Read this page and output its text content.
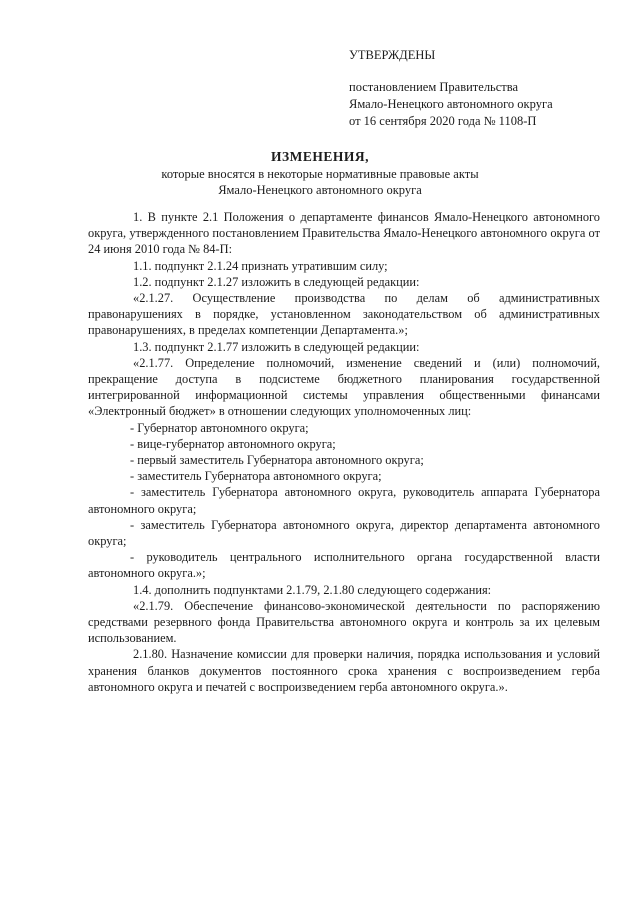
УТВЕРЖДЕНЫ
постановлением Правительства
Ямало-Ненецкого автономного округа
от 16 сентября 2020 года № 1108-П
ИЗМЕНЕНИЯ,
которые вносятся в некоторые нормативные правовые акты
Ямало-Ненецкого автономного округа

1. В пункте 2.1 Положения о департаменте финансов Ямало-Ненецкого автономного округа, утвержденного постановлением Правительства Ямало-Ненецкого автономного округа от 24 июня 2010 года № 84-П:

1.1. подпункт 2.1.24 признать утратившим силу;

1.2. подпункт 2.1.27 изложить в следующей редакции:

«2.1.27. Осуществление производства по делам об административных правонарушениях в порядке, установленном законодательством об административных правонарушениях, в пределах компетенции Департамента.»;

1.3. подпункт 2.1.77 изложить в следующей редакции:

«2.1.77. Определение полномочий, изменение сведений и (или) полномочий, прекращение доступа в подсистеме бюджетного планирования государственной интегрированной информационной системы управления общественными финансами «Электронный бюджет» в отношении следующих уполномоченных лиц:

- Губернатор автономного округа;

- вице-губернатор автономного округа;

- первый заместитель Губернатора автономного округа;

- заместитель Губернатора автономного округа;

- заместитель Губернатора автономного округа, руководитель аппарата Губернатора автономного округа;

- заместитель Губернатора автономного округа, директор департамента автономного округа;

- руководитель центрального исполнительного органа государственной власти автономного округа.»;

1.4. дополнить подпунктами 2.1.79, 2.1.80 следующего содержания:

«2.1.79. Обеспечение финансово-экономической деятельности по распоряжению средствами резервного фонда Правительства автономного округа и контроль за их целевым использованием.

2.1.80. Назначение комиссии для проверки наличия, порядка использования и условий хранения бланков документов постоянного срока хранения с воспроизведением герба автономного округа и печатей с воспроизведением герба автономного округа.».
